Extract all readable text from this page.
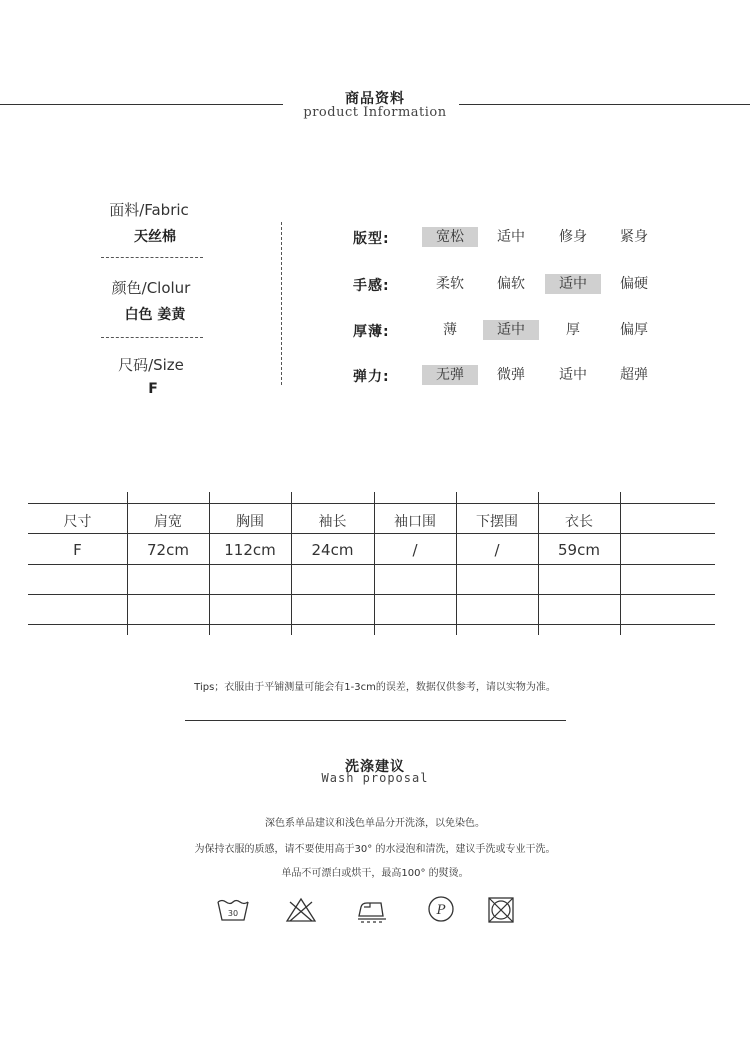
商品资料
product Information
面料/Fabric
天丝棉
颜色/Clolur
白色 姜黄
尺码/Size
F
版型:	宽松	适中	修身	紧身
手感:	柔软	偏软	适中	偏硬
厚薄:	薄	适中	厚	偏厚
弹力:	无弹	微弹	适中	超弹
尺寸	肩宽	胸围	袖长	袖口围	下摆围	衣长
F	72cm	112cm	24cm	/	/	59cm
Tips；衣服由于平铺测量可能会有1-3cm的误差，数据仅供参考，请以实物为准。
洗涤建议
Wash proposal
深色系单品建议和浅色单品分开洗涤，以免染色。
为保持衣服的质感，请不要使用高于30° 的水浸泡和清洗，建议手洗或专业干洗。
单品不可漂白或烘干，最高100° 的熨烫。
30	P
